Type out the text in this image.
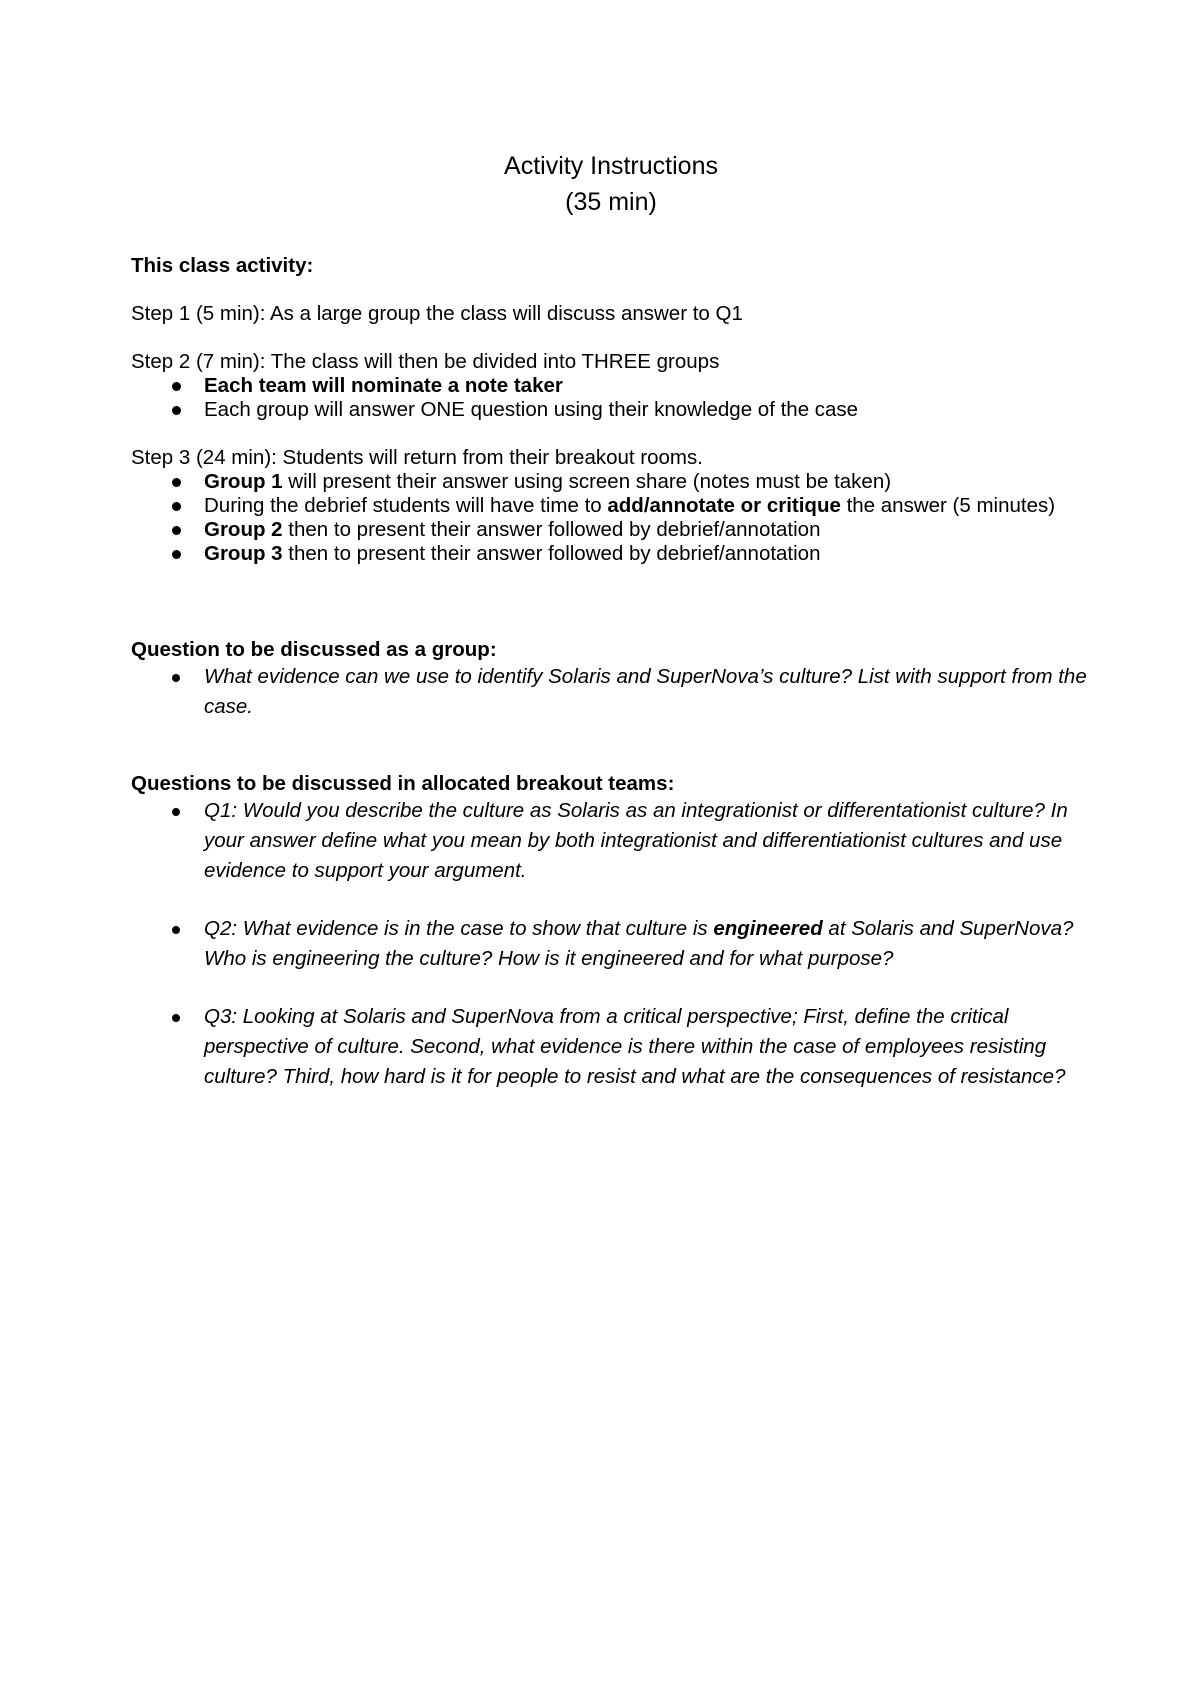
Activity Instructions
(35 min)

This class activity:

Step 1 (5 min): As a large group the class will discuss answer to Q1

Step 2 (7 min): The class will then be divided into THREE groups

Each team will nominate a note taker
Each group will answer ONE question using their knowledge of the case

Step 3 (24 min): Students will return from their breakout rooms.

Group 1 will present their answer using screen share (notes must be taken)
During the debrief students will have time to add/annotate or critique the answer (5 minutes)
Group 2 then to present their answer followed by debrief/annotation
Group 3 then to present their answer followed by debrief/annotation

Question to be discussed as a group:

What evidence can we use to identify Solaris and SuperNova’s culture? List with support from the case.

Questions to be discussed in allocated breakout teams:

Q1: Would you describe the culture as Solaris as an integrationist or differentationist culture? In your answer define what you mean by both integrationist and differentiationist cultures and use evidence to support your argument.
Q2: What evidence is in the case to show that culture is engineered at Solaris and SuperNova? Who is engineering the culture? How is it engineered and for what purpose?
Q3: Looking at Solaris and SuperNova from a critical perspective; First, define the critical perspective of culture. Second, what evidence is there within the case of employees resisting culture? Third, how hard is it for people to resist and what are the consequences of resistance?
